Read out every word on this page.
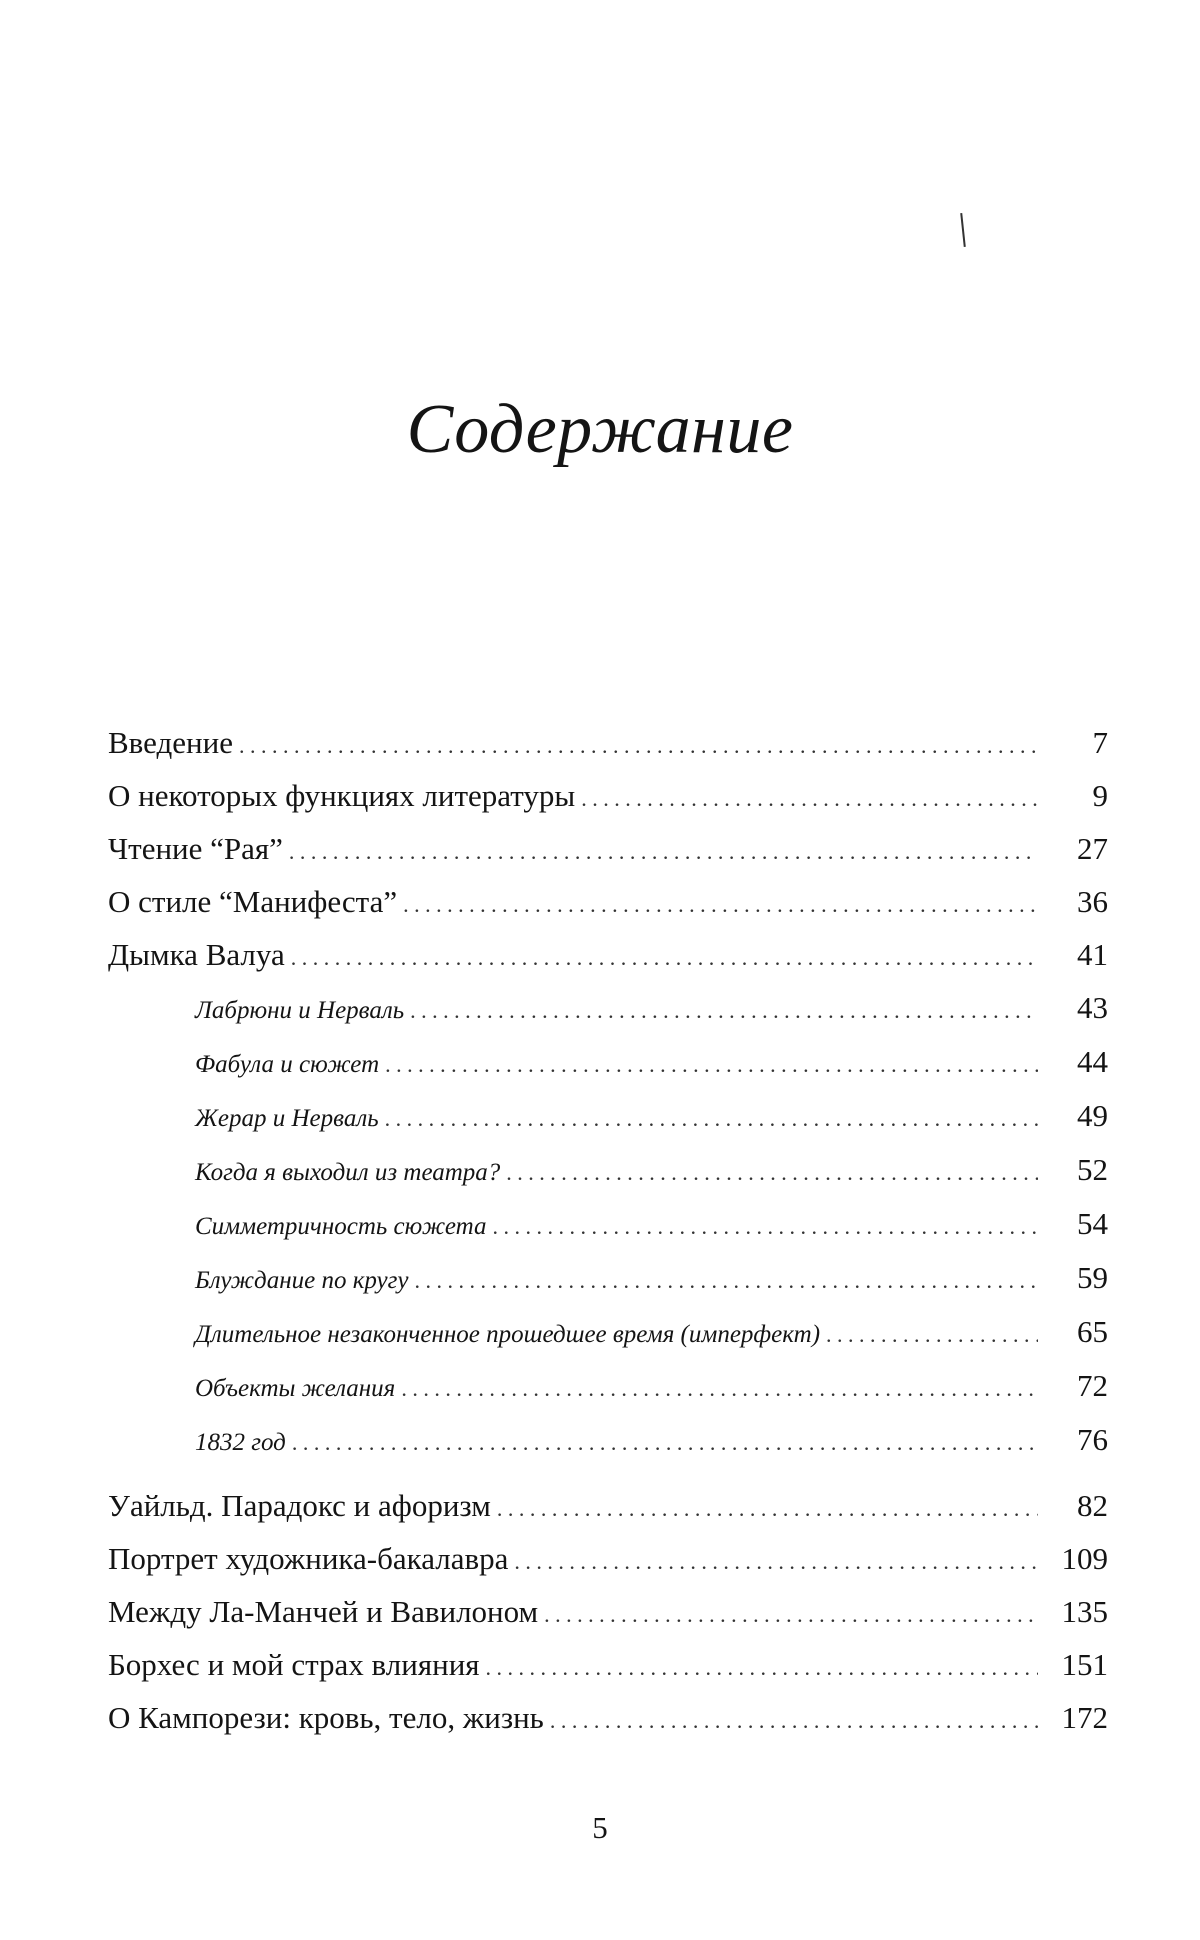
Содержание
Введение . . .	7
О некоторых функциях литературы . . .	9
Чтение “Рая” . . .	27
О стиле “Манифеста” . . .	36
Дымка Валуа . . .	41
Лабрюни и Нерваль . . .	43
Фабула и сюжет . . .	44
Жерар и Нерваль . . .	49
Когда я выходил из театра? . . .	52
Симметричность сюжета . . .	54
Блуждание по кругу . . .	59
Длительное незаконченное прошедшее время (имперфект) . . .	65
Объекты желания . . .	72
1832 год . . .	76
Уайльд. Парадокс и афоризм . . .	82
Портрет художника-бакалавра . . .	109
Между Ла-Манчей и Вавилоном . . .	135
Борхес и мой страх влияния . . .	151
О Кампорези: кровь, тело, жизнь . . .	172
5
